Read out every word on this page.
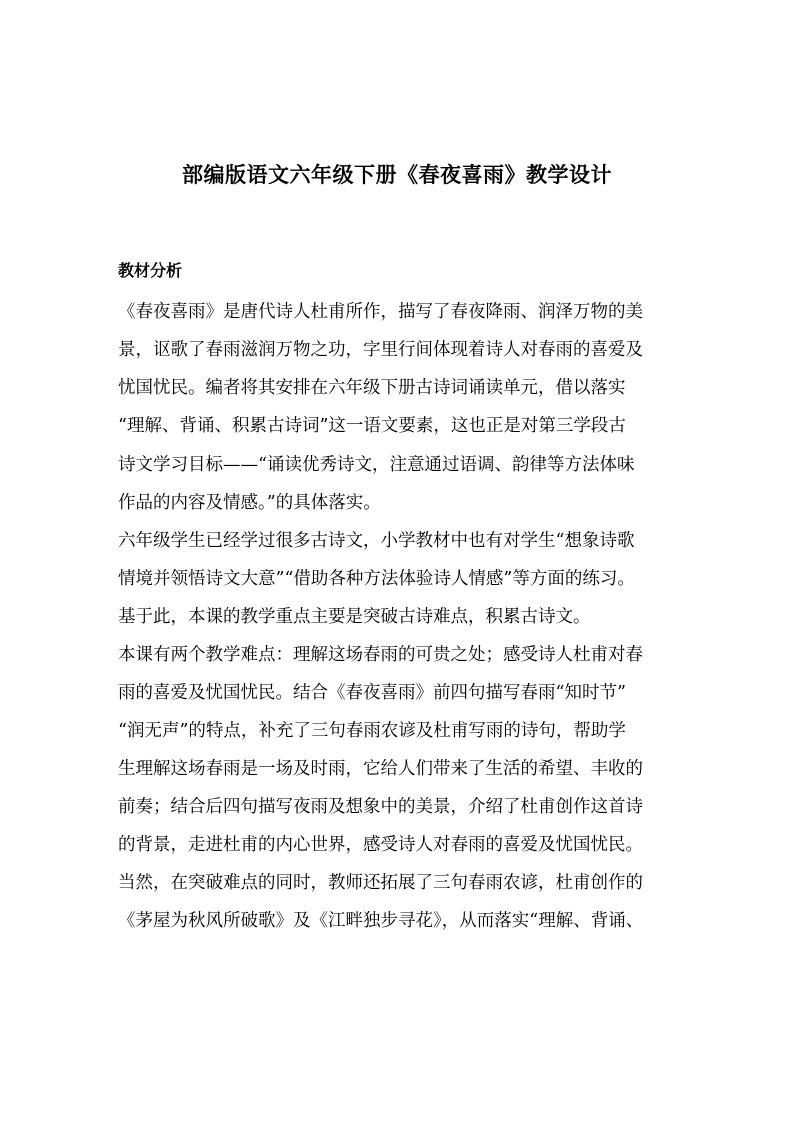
部编版语文六年级下册《春夜喜雨》教学设计
教材分析
《春夜喜雨》是唐代诗人杜甫所作，描写了春夜降雨、润泽万物的美
景，讴歌了春雨滋润万物之功，字里行间体现着诗人对春雨的喜爱及
忧国忧民。编者将其安排在六年级下册古诗词诵读单元，借以落实
“理解、背诵、积累古诗词”这一语文要素，这也正是对第三学段古
诗文学习目标——“诵读优秀诗文，注意通过语调、韵律等方法体味
作品的内容及情感。”的具体落实。
六年级学生已经学过很多古诗文，小学教材中也有对学生“想象诗歌
情境并领悟诗文大意”“借助各种方法体验诗人情感”等方面的练习。
基于此，本课的教学重点主要是突破古诗难点，积累古诗文。
本课有两个教学难点：理解这场春雨的可贵之处；感受诗人杜甫对春
雨的喜爱及忧国忧民。结合《春夜喜雨》前四句描写春雨“知时节”
“润无声”的特点，补充了三句春雨农谚及杜甫写雨的诗句，帮助学
生理解这场春雨是一场及时雨，它给人们带来了生活的希望、丰收的
前奏；结合后四句描写夜雨及想象中的美景，介绍了杜甫创作这首诗
的背景，走进杜甫的内心世界，感受诗人对春雨的喜爱及忧国忧民。
当然，在突破难点的同时，教师还拓展了三句春雨农谚，杜甫创作的
《茅屋为秋风所破歌》及《江畔独步寻花》，从而落实“理解、背诵、
